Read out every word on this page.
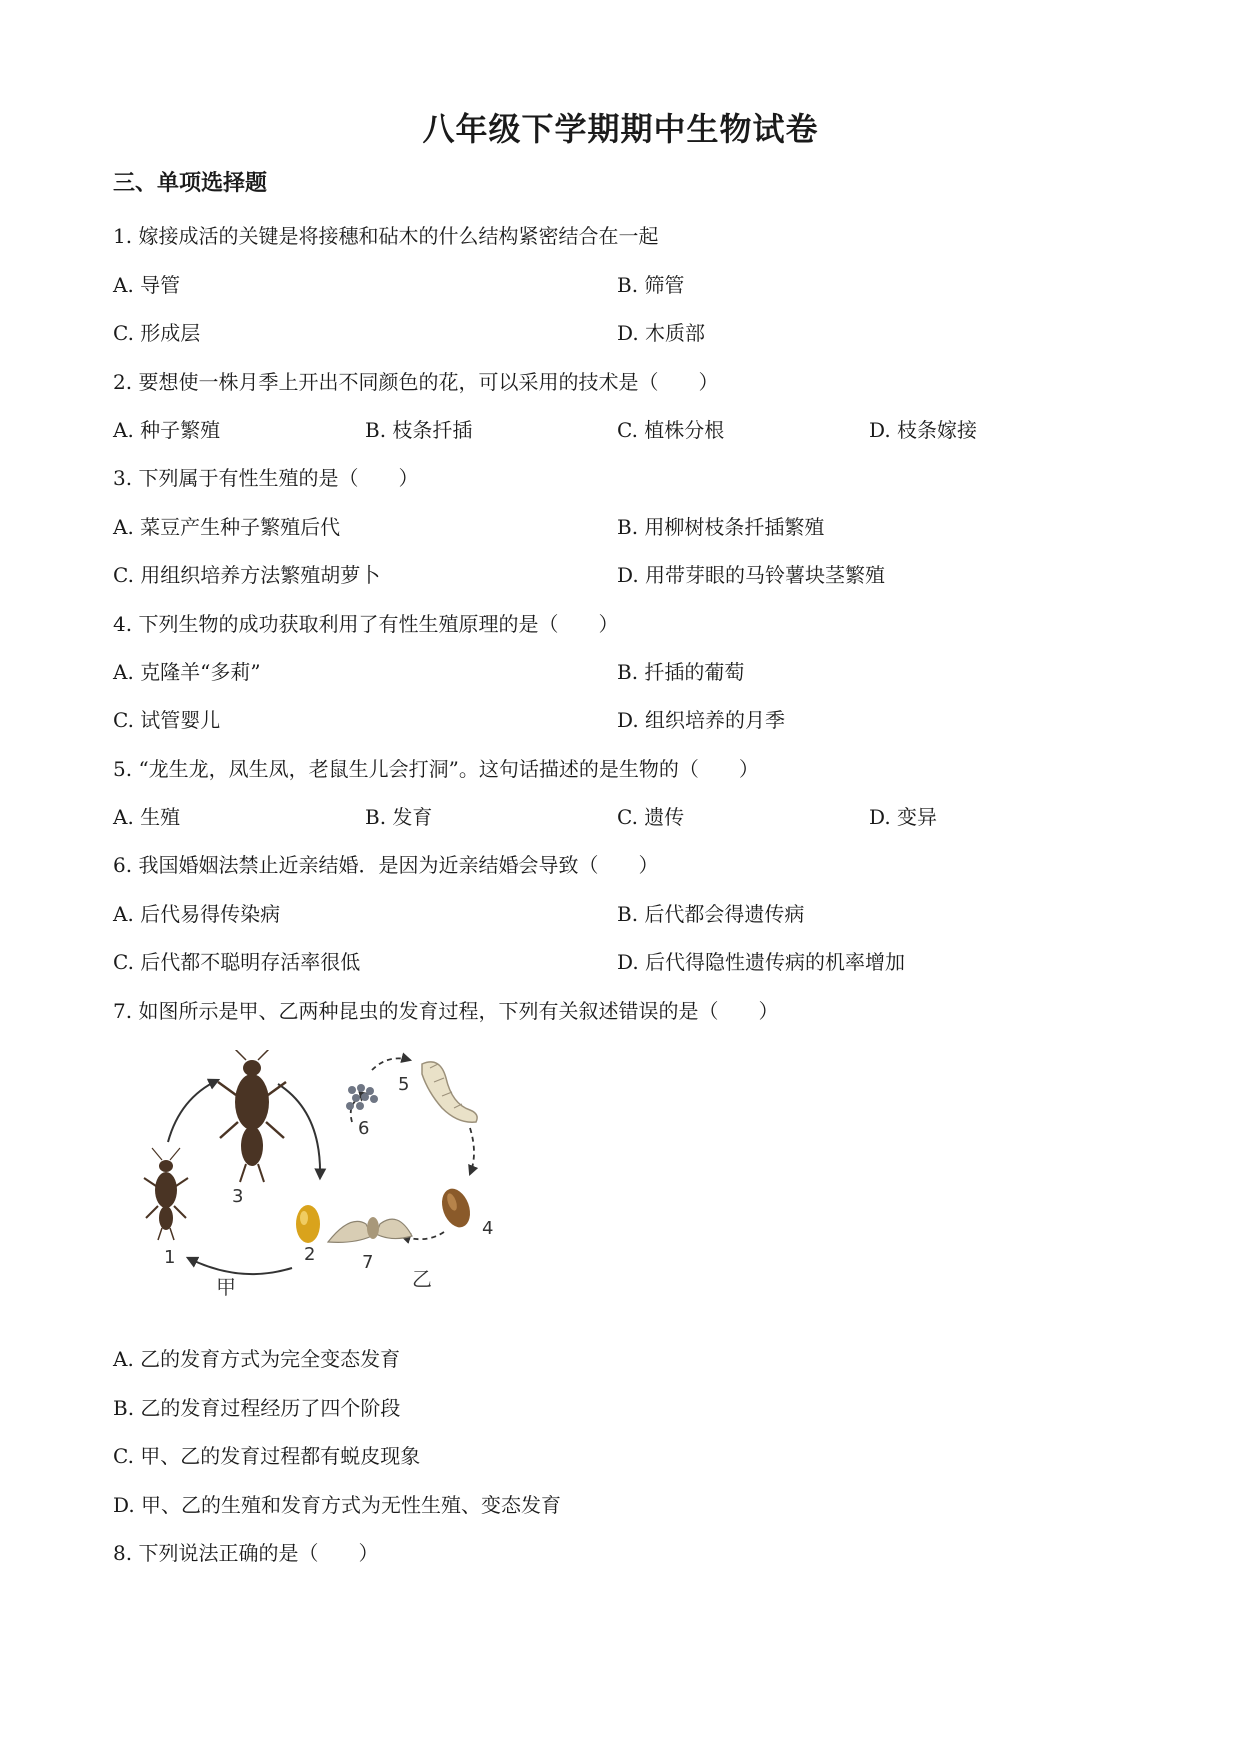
八年级下学期期中生物试卷
三、单项选择题
1. 嫁接成活的关键是将接穗和砧木的什么结构紧密结合在一起
A. 导管	B. 筛管
C. 形成层	D. 木质部
2. 要想使一株月季上开出不同颜色的花，可以采用的技术是（　　）
A. 种子繁殖	B. 枝条扦插	C. 植株分根	D. 枝条嫁接
3. 下列属于有性生殖的是（　　）
A. 菜豆产生种子繁殖后代	B. 用柳树枝条扦插繁殖
C. 用组织培养方法繁殖胡萝卜	D. 用带芽眼的马铃薯块茎繁殖
4. 下列生物的成功获取利用了有性生殖原理的是（　　）
A. 克隆羊“多莉”	B. 扦插的葡萄
C. 试管婴儿	D. 组织培养的月季
5. “龙生龙，凤生凤，老鼠生儿会打洞”。这句话描述的是生物的（　　）
A. 生殖	B. 发育	C. 遗传	D. 变异
6. 我国婚姻法禁止近亲结婚．是因为近亲结婚会导致（　　）
A. 后代易得传染病	B. 后代都会得遗传病
C. 后代都不聪明存活率很低	D. 后代得隐性遗传病的机率增加
7. 如图所示是甲、乙两种昆虫的发育过程，下列有关叙述错误的是（　　）
1	2
3
甲
5
6
4
7
乙
A. 乙的发育方式为完全变态发育
B. 乙的发育过程经历了四个阶段
C. 甲、乙的发育过程都有蜕皮现象
D. 甲、乙的生殖和发育方式为无性生殖、变态发育
8. 下列说法正确的是（　　）
